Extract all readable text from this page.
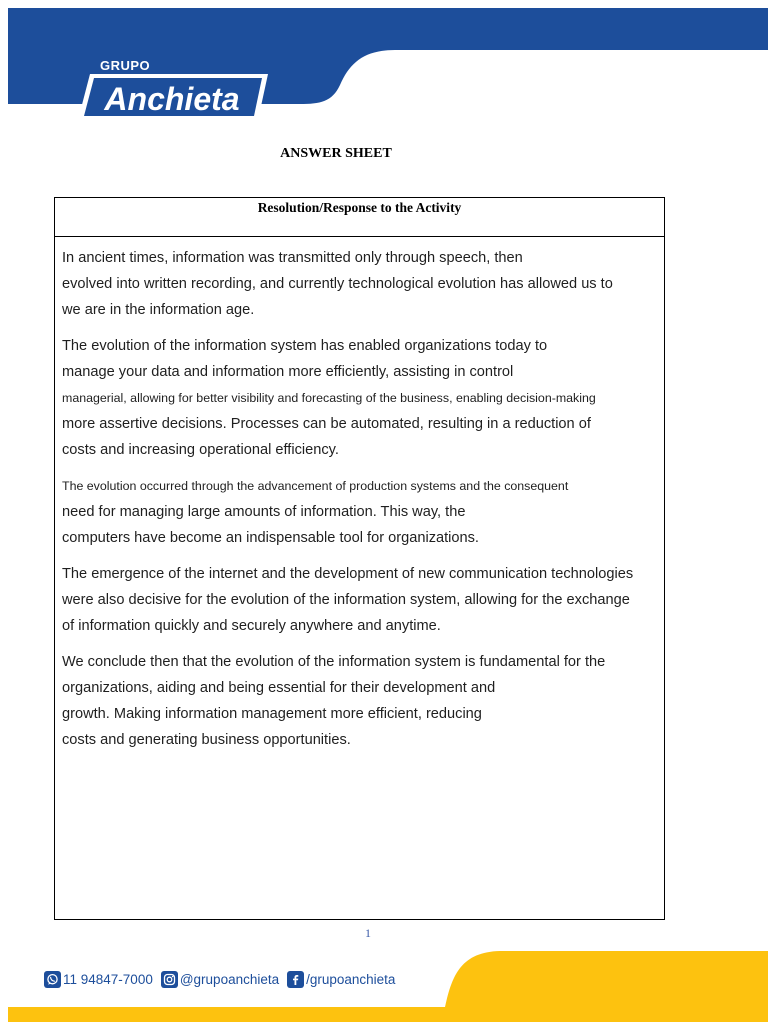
GRUPO
Anchieta
ANSWER SHEET
Resolution/Response to the Activity

In ancient times, information was transmitted only through speech, then
evolved into written recording, and currently technological evolution has allowed us to
we are in the information age.

The evolution of the information system has enabled organizations today to
manage your data and information more efficiently, assisting in control
managerial, allowing for better visibility and forecasting of the business, enabling decision-making
more assertive decisions. Processes can be automated, resulting in a reduction of
costs and increasing operational efficiency.

The evolution occurred through the advancement of production systems and the consequent
need for managing large amounts of information. This way, the
computers have become an indispensable tool for organizations.

The emergence of the internet and the development of new communication technologies
were also decisive for the evolution of the information system, allowing for the exchange
of information quickly and securely anywhere and anytime.

We conclude then that the evolution of the information system is fundamental for the
organizations, aiding and being essential for their development and
growth. Making information management more efficient, reducing
costs and generating business opportunities.

1
11 94847-7000 @grupoanchieta /grupoanchieta
